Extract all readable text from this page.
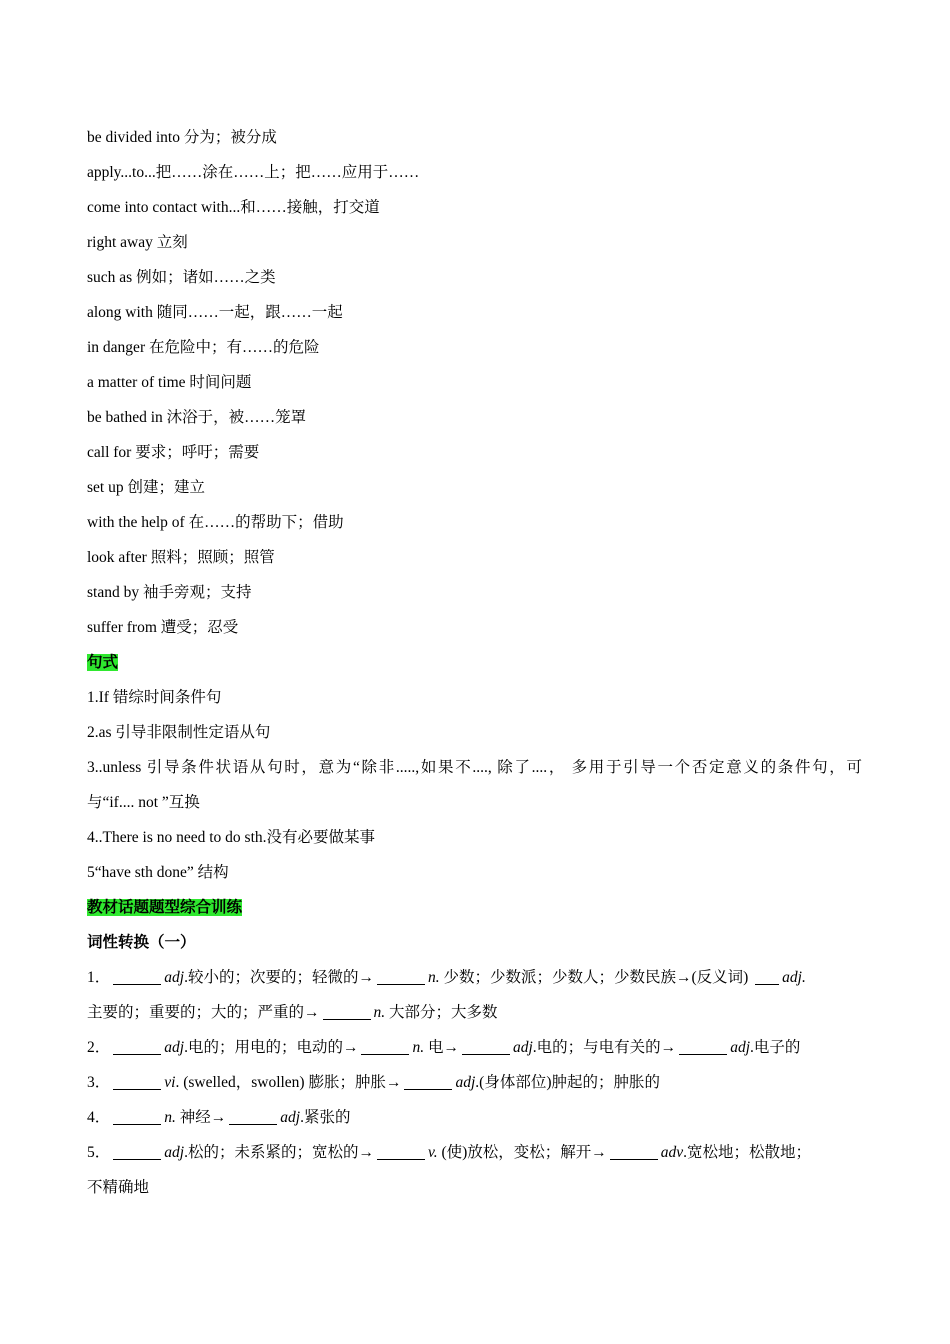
be divided into 分为；被分成
apply...to...把……涂在……上；把……应用于……
come into contact with...和……接触，打交道
right away 立刻
such as 例如；诸如……之类
along with 随同……一起，跟……一起
in danger 在危险中；有……的危险
a matter of time 时间问题
be bathed in 沐浴于，被……笼罩
call for 要求；呼吁；需要
set up 创建；建立
with the help of 在……的帮助下；借助
look after 照料；照顾；照管
stand by 袖手旁观；支持
suffer from 遭受；忍受
句式
1.If 错综时间条件句
2.as 引导非限制性定语从句
3..unless 引导条件状语从句时，意为“除非.....,如果不...., 除了....， 多用于引导一个否定意义的条件句，可
与“if.... not ”互换
4..There is no need to do sth.没有必要做某事
5“have sth done” 结构
教材话题题型综合训练
词性转换（一）
1．	adj.较小的；次要的；轻微的→	n. 少数；少数派；少数人；少数民族→(反义词) adj.
主要的；重要的；大的；严重的→	n. 大部分；大多数
2．	adj.电的；用电的；电动的→	n. 电→	adj.电的；与电有关的→	adj.电子的
3．	vi. (swelled，swollen) 膨胀；肿胀→	adj.(身体部位)肿起的；肿胀的
4．	n. 神经→	adj.紧张的
5．	adj.松的；未系紧的；宽松的→	v. (使)放松，变松；解开→	adv.宽松地；松散地；
不精确地
